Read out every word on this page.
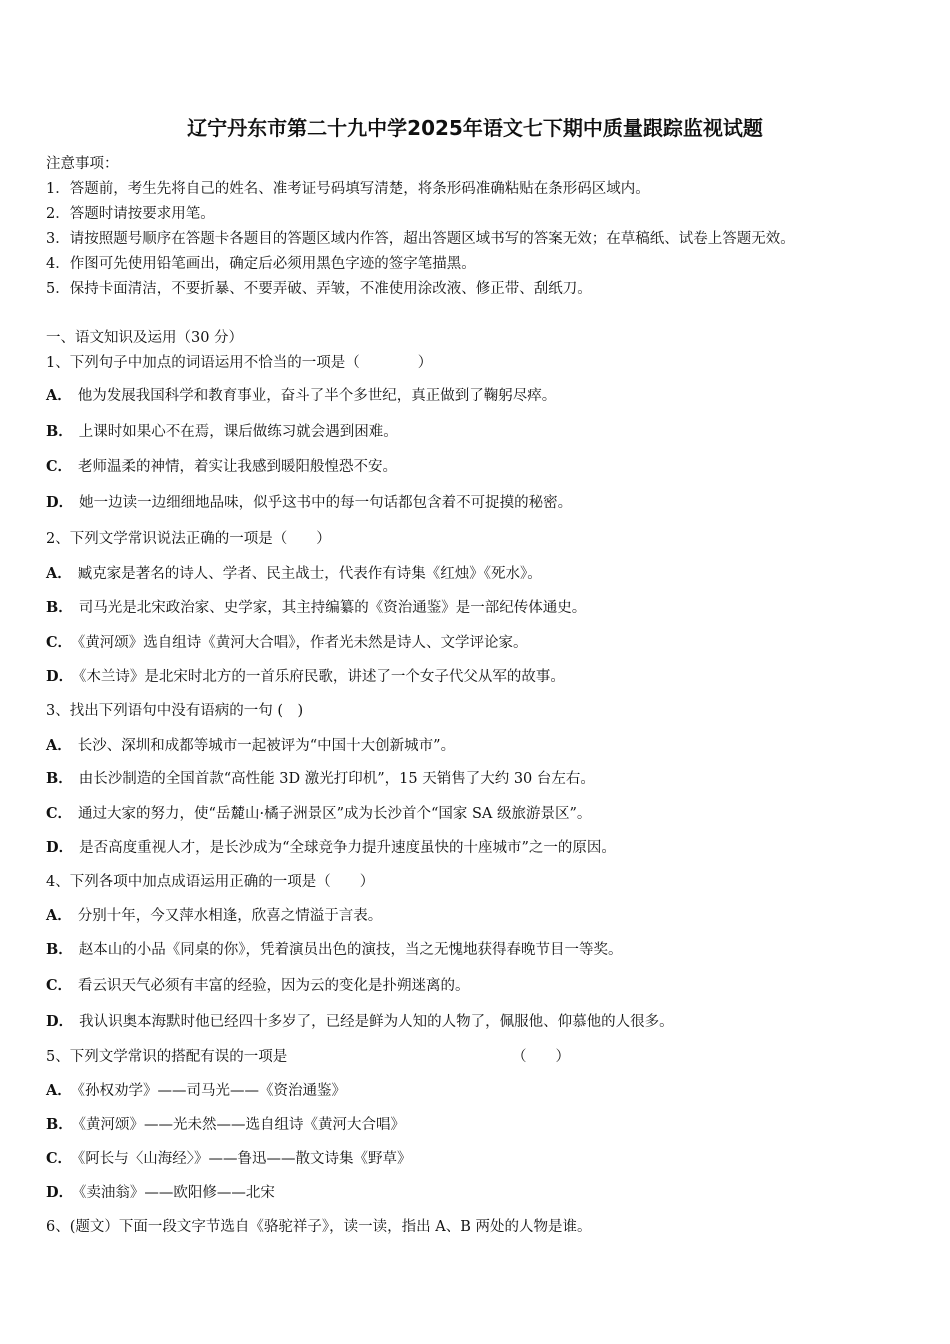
辽宁丹东市第二十九中学2025年语文七下期中质量跟踪监视试题
注意事项：
1．答题前，考生先将自己的姓名、准考证号码填写清楚，将条形码准确粘贴在条形码区域内。
2．答题时请按要求用笔。
3．请按照题号顺序在答题卡各题目的答题区域内作答，超出答题区域书写的答案无效；在草稿纸、试卷上答题无效。
4．作图可先使用铅笔画出，确定后必须用黑色字迹的签字笔描黑。
5．保持卡面清洁，不要折暴、不要弄破、弄皱，不准使用涂改液、修正带、刮纸刀。
一、语文知识及运用（30 分）
1、下列句子中加点的词语运用不恰当的一项是（　　　　）
A． 他为发展我国科学和教育事业，奋斗了半个多世纪，真正做到了鞠躬尽瘁。
B． 上课时如果心不在焉，课后做练习就会遇到困难。
C． 老师温柔的神情，着实让我感到暖阳般惶恐不安。
D． 她一边读一边细细地品味，似乎这书中的每一句话都包含着不可捉摸的秘密。
2、下列文学常识说法正确的一项是（　　）
A． 臧克家是著名的诗人、学者、民主战士，代表作有诗集《红烛》《死水》。
B． 司马光是北宋政治家、史学家，其主持编纂的《资治通鉴》是一部纪传体通史。
C． 《黄河颂》选自组诗《黄河大合唱》，作者光未然是诗人、文学评论家。
D． 《木兰诗》是北宋时北方的一首乐府民歌，讲述了一个女子代父从军的故事。
3、找出下列语句中没有语病的一句 (　)
A． 长沙、深圳和成都等城市一起被评为“中国十大创新城市”。
B． 由长沙制造的全国首款“高性能 3D 激光打印机”，15 天销售了大约 30 台左右。
C． 通过大家的努力，使“岳麓山·橘子洲景区”成为长沙首个“国家 SA 级旅游景区”。
D． 是否高度重视人才，是长沙成为“全球竞争力提升速度虽快的十座城市”之一的原因。
4、下列各项中加点成语运用正确的一项是（　　）
A． 分别十年，今又萍水相逢，欣喜之情溢于言表。
B． 赵本山的小品《同桌的你》，凭着演员出色的演技，当之无愧地获得春晚节目一等奖。
C． 看云识天气必须有丰富的经验，因为云的变化是扑朔迷离的。
D． 我认识奥本海默时他已经四十多岁了，已经是鲜为人知的人物了，佩服他、仰慕他的人很多。
5、下列文学常识的搭配有误的一项是	（　　）
A． 《孙权劝学》——司马光——《资治通鉴》
B． 《黄河颂》——光未然——选自组诗《黄河大合唱》
C． 《阿长与〈山海经〉》——鲁迅——散文诗集《野草》
D． 《卖油翁》——欧阳修——北宋
6、(题文）下面一段文字节选自《骆驼祥子》，读一读，指出 A、B 两处的人物是谁。
